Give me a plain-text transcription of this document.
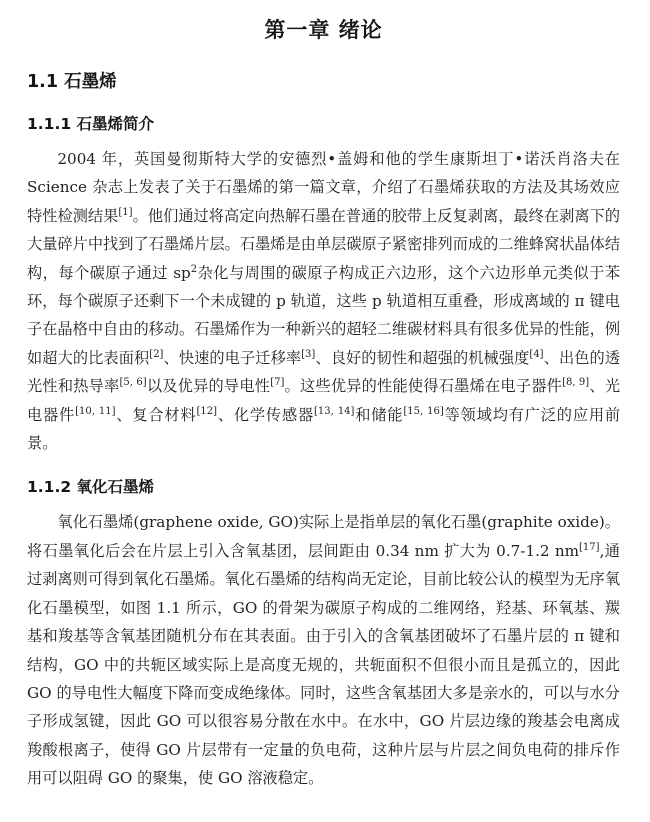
第一章 绪论
1.1 石墨烯
1.1.1 石墨烯简介

2004 年，英国曼彻斯特大学的安德烈•盖姆和他的学生康斯坦丁•诺沃肖洛夫在 Science 杂志上发表了关于石墨烯的第一篇文章，介绍了石墨烯获取的方法及其场效应特性检测结果[1]。他们通过将高定向热解石墨在普通的胶带上反复剥离，最终在剥离下的大量碎片中找到了石墨烯片层。石墨烯是由单层碳原子紧密排列而成的二维蜂窝状晶体结构，每个碳原子通过 $sp^2$杂化与周围的碳原子构成正六边形，这个六边形单元类似于苯环，每个碳原子还剩下一个未成键的 p 轨道，这些 p 轨道相互重叠，形成离域的 π 键电子在晶格中自由的移动。石墨烯作为一种新兴的超轻二维碳材料具有很多优异的性能，例如超大的比表面积[2]、快速的电子迁移率[3]、良好的韧性和超强的机械强度[4]、出色的透光性和热导率[5, 6]以及优异的导电性[7]。这些优异的性能使得石墨烯在电子器件[8, 9]、光电器件[10, 11]、复合材料[12]、化学传感器[13, 14]和储能[15, 16]等领域均有广泛的应用前景。

1.1.2 氧化石墨烯

氧化石墨烯(graphene oxide, GO)实际上是指单层的氧化石墨(graphite oxide)。将石墨氧化后会在片层上引入含氧基团，层间距由 0.34 nm 扩大为 0.7-1.2 nm[17],通过剥离则可得到氧化石墨烯。氧化石墨烯的结构尚无定论，目前比较公认的模型为无序氧化石墨模型，如图 1.1 所示，GO 的骨架为碳原子构成的二维网络，羟基、环氧基、羰基和羧基等含氧基团随机分布在其表面。由于引入的含氧基团破坏了石墨片层的 π 键和结构，GO 中的共轭区域实际上是高度无规的，共轭面积不但很小而且是孤立的，因此 GO 的导电性大幅度下降而变成绝缘体。同时，这些含氧基团大多是亲水的，可以与水分子形成氢键，因此 GO 可以很容易分散在水中。在水中，GO 片层边缘的羧基会电离成羧酸根离子，使得 GO 片层带有一定量的负电荷，这种片层与片层之间负电荷的排斥作用可以阻碍 GO 的聚集，使 GO 溶液稳定。
